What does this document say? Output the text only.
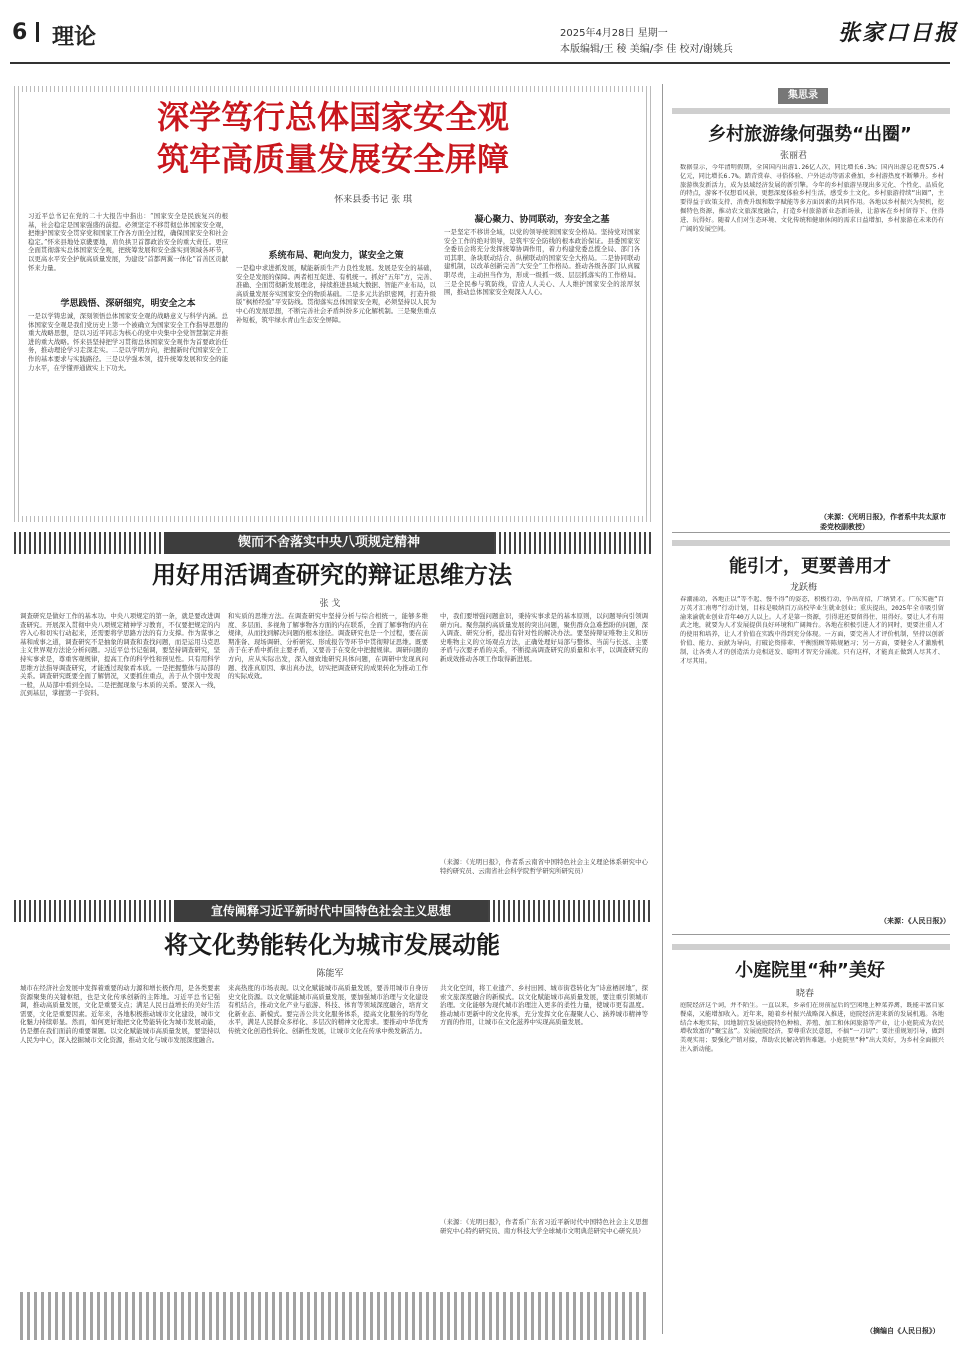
6 理论	2025年4月28日 星期一
本版编辑/王 稜 美编/李 佳 校对/谢姚兵
张家口日报
深学笃行总体国家安全观
筑牢高质量发展安全屏障
怀来县委书记 张 琪
习近平总书记在党的二十大报告中指出：“国家安全是民族复兴的根基，社会稳定是国家强盛的前提。必须坚定不移贯彻总体国家安全观，把维护国家安全贯穿党和国家工作各方面全过程，确保国家安全和社会稳定。”怀来县地处京畿要地，肩负拱卫首都政治安全的重大责任。更应全面贯彻落实总体国家安全观，把统筹发展和安全落实到领域各环节，以更高水平安全护航高质量发展，为建设“首都两翼一体化”首善区贡献怀来力量。
学思践悟、深研细究，明安全之本
一是以学铸忠诚，深刻领悟总体国家安全观的战略意义与科学内涵。总体国家安全观是我们党历史上第一个被确立为国家安全工作指导思想的重大战略思想，是以习近平同志为核心的党中央集中全党智慧制定并推进的重大战略。怀来县坚持把学习贯彻总体国家安全观作为首要政治任务，推动理论学习走深走实。二是以学明方向，把握新时代国家安全工作的基本要求与实践路径。三是以学强本领，提升统筹发展和安全的能力水平，在学懂弄通做实上下功夫。
系统布局、靶向发力，谋安全之策
一是稳中求进抓发展，赋能新质生产力良性发展。发展是安全的基础，安全是发展的保障。两者相互促进、有机统一。抓好“五年”方，完善、准确、全面贯彻新发展理念，持续推进县域大数据、智能产业布局，以高质量发展夯实国家安全的物质基础。二是多元共治织密网，打造升级版“枫桥经验”平安防线。贯彻落实总体国家安全观，必须坚持以人民为中心的发展思想，不断完善社会矛盾纠纷多元化解机制。三是聚焦重点补短板，筑牢绿水青山生态安全屏障。
凝心聚力、协同联动，夯安全之基
一是坚定不移讲全域，以党的领导统领国家安全格局。坚持党对国家安全工作的绝对领导，是筑牢安全防线的根本政治保证。县委国家安全委员会将充分发挥统筹协调作用，着力构建党委总揽全局、部门各司其职、条块联动结合、纵横联动的国家安全大格局。二是协同联动建机制，以改革创新完善“大安全”工作格局。推动各级各部门认真履职尽责，主动担当作为，形成一级抓一级、层层抓落实的工作格局。三是全民参与筑防线，营造人人关心、人人维护国家安全的浓厚氛围，推动总体国家安全观深入人心。
集思录
乡村旅游缘何强势“出圈”
张丽君
数据显示，今年清明假期，全国国内出游1.26亿人次，同比增长6.3%；国内出游总花费575.4亿元，同比增长6.7%。踏青赏春、寻俗体验、户外运动等需求叠加，乡村游热度不断攀升。乡村旅游焕发新活力，成为县域经济发展的新引擎。今年的乡村旅游呈现出多元化、个性化、品质化的特点，游客不仅想看风景，更想深度体验乡村生活，感受乡土文化。乡村旅游持续“出圈”，主要得益于政策支持、消费升级和数字赋能等多方面因素的共同作用。各地以乡村振兴为契机，挖掘特色资源，推动农文旅深度融合，打造乡村旅游新业态新场景，让游客在乡村留得下、住得进、玩得好。随着人们对生态环境、文化传统和健康休闲的需求日益增加，乡村旅游在未来仍有广阔的发展空间。
（来源：《光明日报》，作者系中共太原市委党校副教授）
锲而不舍落实中央八项规定精神
用好用活调查研究的辩证思维方法
张 戈
调查研究是做好工作的基本功。中央八项规定的第一条，就是要改进调查研究。开展深入贯彻中央八项规定精神学习教育，不仅要把规定的内容入心和切实行动起来，还需要将学思路方法的有力支撑。作为谋事之基和成事之道，调查研究不是抽象的调查和查找问题，而是运用马克思主义世界观方法论分析问题。习近平总书记强调，要坚持调查研究，坚持实事求是，尊重客观规律，提高工作的科学性和预见性。只有用科学思维方法指导调查研究，才能透过现象看本质。一是把握整体与局部的关系。调查研究既要全面了解情况，又要抓住重点，善于从个别中发现一般，从局部中看到全局。二是把握现象与本质的关系。要深入一线，沉到基层，掌握第一手资料。
和实质的思维方法。在调查研究中坚持分析与综合相统一，能够多维度、多层面、多视角了解事物各方面的内在联系，全面了解事物的内在规律，从而找到解决问题的根本途径。调查研究也是一个过程，要在前期准备、现场调研、分析研究、形成报告等环节中贯彻辩证思维。既要善于在矛盾中抓住主要矛盾，又要善于在变化中把握规律。调研问题的方向，应从实际出发，深入细致地研究具体问题，在调研中发现真问题、找准真原因、拿出真办法，切实把调查研究的成果转化为推动工作的实际成效。
中，我们要增强问题意识，秉持实事求是的基本原则，以问题导向引领调研方向。聚焦制约高质量发展的突出问题，聚焦群众急难愁盼的问题，深入调查、研究分析，提出有针对性的解决办法。要坚持辩证唯物主义和历史唯物主义的立场观点方法，正确处理好局部与整体、当前与长远、主要矛盾与次要矛盾的关系，不断提高调查研究的质量和水平，以调查研究的新成效推动各项工作取得新进展。
（来源：《光明日报》，作者系云南省中国特色社会主义理论体系研究中心特约研究员、云南省社会科学院哲学研究所研究员）
能引才，更要善用才
龙跃梅
春潮涌动，各地正以“等不起、慢不得”的姿态，积极行动，争出奇招，广纳贤才。广东实施“百万英才汇南粤”行动计划，目标是吸纳百万高校毕业生就业创业；重庆提出，2025年全市吸引留渝来渝就业创业青年40万人以上。人才是第一资源，引得进还要留得住、用得好。要让人才有用武之地，就要为人才发展提供良好环境和广阔舞台。各地在积极引进人才的同时，更要注重人才的使用和培养，让人才价值在实践中得到充分体现。一方面，要完善人才评价机制，坚持以创新价值、能力、贡献为导向，打破论资排辈、平衡照顾等陈规陋习；另一方面，要健全人才激励机制，让各类人才的创造活力竞相迸发、聪明才智充分涌流。只有这样，才能真正做到人尽其才、才尽其用。
（来源：《人民日报》）
宣传阐释习近平新时代中国特色社会主义思想
将文化势能转化为城市发展动能
陈能军
城市在经济社会发展中发挥着重要的动力源和增长极作用，是各类要素资源聚集的关键枢纽，也是文化传承创新的主阵地。习近平总书记强调，推动高质量发展，文化是重要支点；满足人民日益增长的美好生活需要，文化是重要因素。近年来，各地积极推动城市文化建设，城市文化魅力持续彰显。然而，如何更好地把文化势能转化为城市发展动能，仍是摆在我们面前的重要课题。以文化赋能城市高质量发展，要坚持以人民为中心，深入挖掘城市文化资源，推动文化与城市发展深度融合。
来高热度的市场表现。以文化赋能城市高质量发展，要善用城市自身历史文化资源。以文化赋能城市高质量发展，要加强城市治理与文化建设有机结合，推动文化产业与旅游、科技、体育等领域深度融合，培育文化新业态、新模式。要完善公共文化服务体系，提高文化服务的均等化水平，满足人民群众多样化、多层次的精神文化需求。要推动中华优秀传统文化创造性转化、创新性发展，让城市文化在传承中焕发新活力。
共文化空间，将工业遗产、乡村田园、城市街巷转化为“诗意栖居地”，探索文旅深度融合的新模式。以文化赋能城市高质量发展，要注重引领城市治理。文化能够为现代城市治理注入更多的柔性力量，使城市更有温度。推动城市更新中的文化传承，充分发挥文化在凝聚人心、涵养城市精神等方面的作用，让城市在文化滋养中实现高质量发展。
（来源：《光明日报》，作者系广东省习近平新时代中国特色社会主义思想研究中心特约研究员、南方科技大学全球城市文明典范研究中心研究员）
小庭院里“种”美好
晓春
庭院经济这个词，并不陌生。一直以来，乡亲们在房前屋后的空闲地上种菜养禽，既能丰富自家餐桌，又能增加收入。近年来，随着乡村振兴战略深入推进，庭院经济迎来新的发展机遇。各地结合本地实际，因地制宜发展庭院特色种植、养殖、加工和休闲旅游等产业，让小庭院成为农民增收致富的“聚宝盆”。发展庭院经济，要尊重农民意愿，不搞“一刀切”；要注重规划引导，做到美观实用；要强化产销对接，帮助农民解决销售难题。小庭院里“种”出大美好，为乡村全面振兴注入新动能。
（摘编自《人民日报》）
